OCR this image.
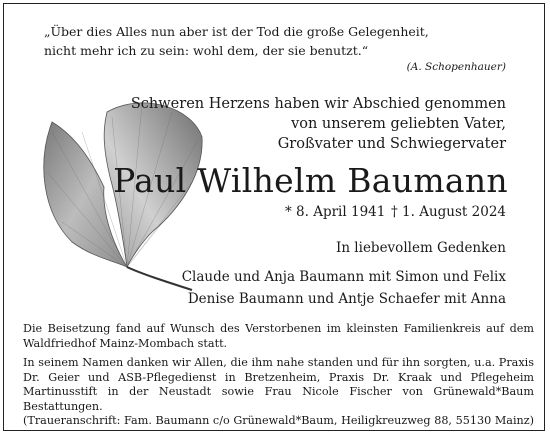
„Über dies Alles nun aber ist der Tod die große Gelegenheit,
nicht mehr ich zu sein: wohl dem, der sie benutzt.“
(A. Schopenhauer)
Schweren Herzens haben wir Abschied genommen
von unserem geliebten Vater,
Großvater und Schwiegervater
Paul Wilhelm Baumann
* 8. April 1941 † 1. August 2024
In liebevollem Gedenken
Claude und Anja Baumann mit Simon und Felix
Denise Baumann und Antje Schaefer mit Anna
Die Beisetzung fand auf Wunsch des Verstorbenen im kleinsten Familienkreis auf dem
Waldfriedhof Mainz-Mombach statt.
In seinem Namen danken wir Allen, die ihm nahe standen und für ihn sorgten, u.a. Praxis
Dr. Geier und ASB-Pflegedienst in Bretzenheim, Praxis Dr. Kraak und Pflegeheim
Martinusstift in der Neustadt sowie Frau Nicole Fischer von Grünewald*Baum Bestattungen.
(Traueranschrift: Fam. Baumann c/o Grünewald*Baum, Heiligkreuzweg 88, 55130 Mainz)
